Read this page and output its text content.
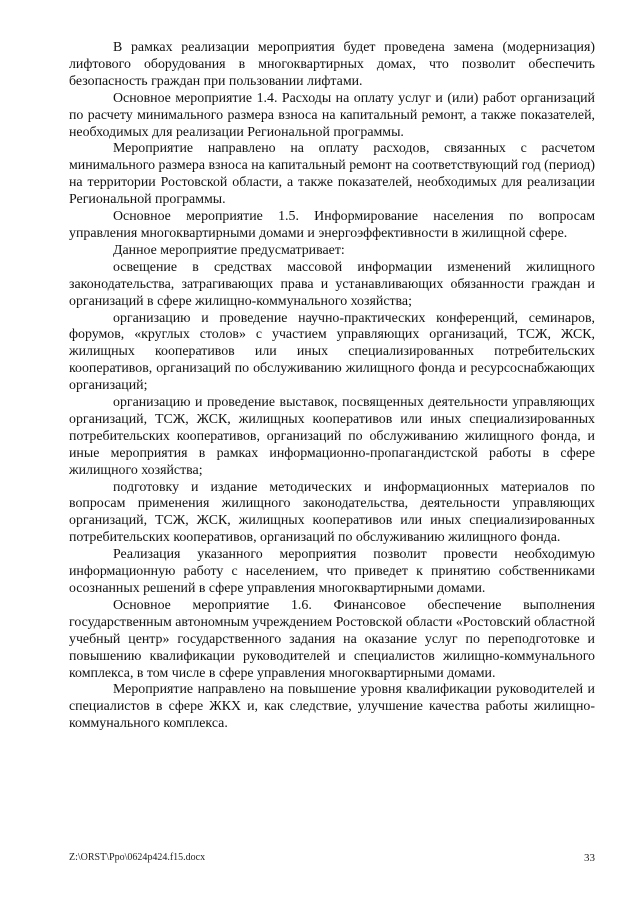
В рамках реализации мероприятия будет проведена замена (модернизация) лифтового оборудования в многоквартирных домах, что позволит обеспечить безопасность граждан при пользовании лифтами.

Основное мероприятие 1.4. Расходы на оплату услуг и (или) работ организаций по расчету минимального размера взноса на капитальный ремонт, а также показателей, необходимых для реализации Региональной программы.

Мероприятие направлено на оплату расходов, связанных с расчетом минимального размера взноса на капитальный ремонт на соответствующий год (период) на территории Ростовской области, а также показателей, необходимых для реализации Региональной программы.

Основное мероприятие 1.5. Информирование населения по вопросам управления многоквартирными домами и энергоэффективности в жилищной сфере.

Данное мероприятие предусматривает:

освещение в средствах массовой информации изменений жилищного законодательства, затрагивающих права и устанавливающих обязанности граждан и организаций в сфере жилищно-коммунального хозяйства;

организацию и проведение научно-практических конференций, семинаров, форумов, «круглых столов» с участием управляющих организаций, ТСЖ, ЖСК, жилищных кооперативов или иных специализированных потребительских кооперативов, организаций по обслуживанию жилищного фонда и ресурсоснабжающих организаций;

организацию и проведение выставок, посвященных деятельности управляющих организаций, ТСЖ, ЖСК, жилищных кооперативов или иных специализированных потребительских кооперативов, организаций по обслуживанию жилищного фонда, и иные мероприятия в рамках информационно-пропагандистской работы в сфере жилищного хозяйства;

подготовку и издание методических и информационных материалов по вопросам применения жилищного законодательства, деятельности управляющих организаций, ТСЖ, ЖСК, жилищных кооперативов или иных специализированных потребительских кооперативов, организаций по обслуживанию жилищного фонда.

Реализация указанного мероприятия позволит провести необходимую информационную работу с населением, что приведет к принятию собственниками осознанных решений в сфере управления многоквартирными домами.

Основное мероприятие 1.6. Финансовое обеспечение выполнения государственным автономным учреждением Ростовской области «Ростовский областной учебный центр» государственного задания на оказание услуг по переподготовке и повышению квалификации руководителей и специалистов жилищно-коммунального комплекса, в том числе в сфере управления многоквартирными домами.

Мероприятие направлено на повышение уровня квалификации руководителей и специалистов в сфере ЖКХ и, как следствие, улучшение качества работы жилищно-коммунального комплекса.

Z:\ORST\Ppo\0624p424.f15.docx	33
